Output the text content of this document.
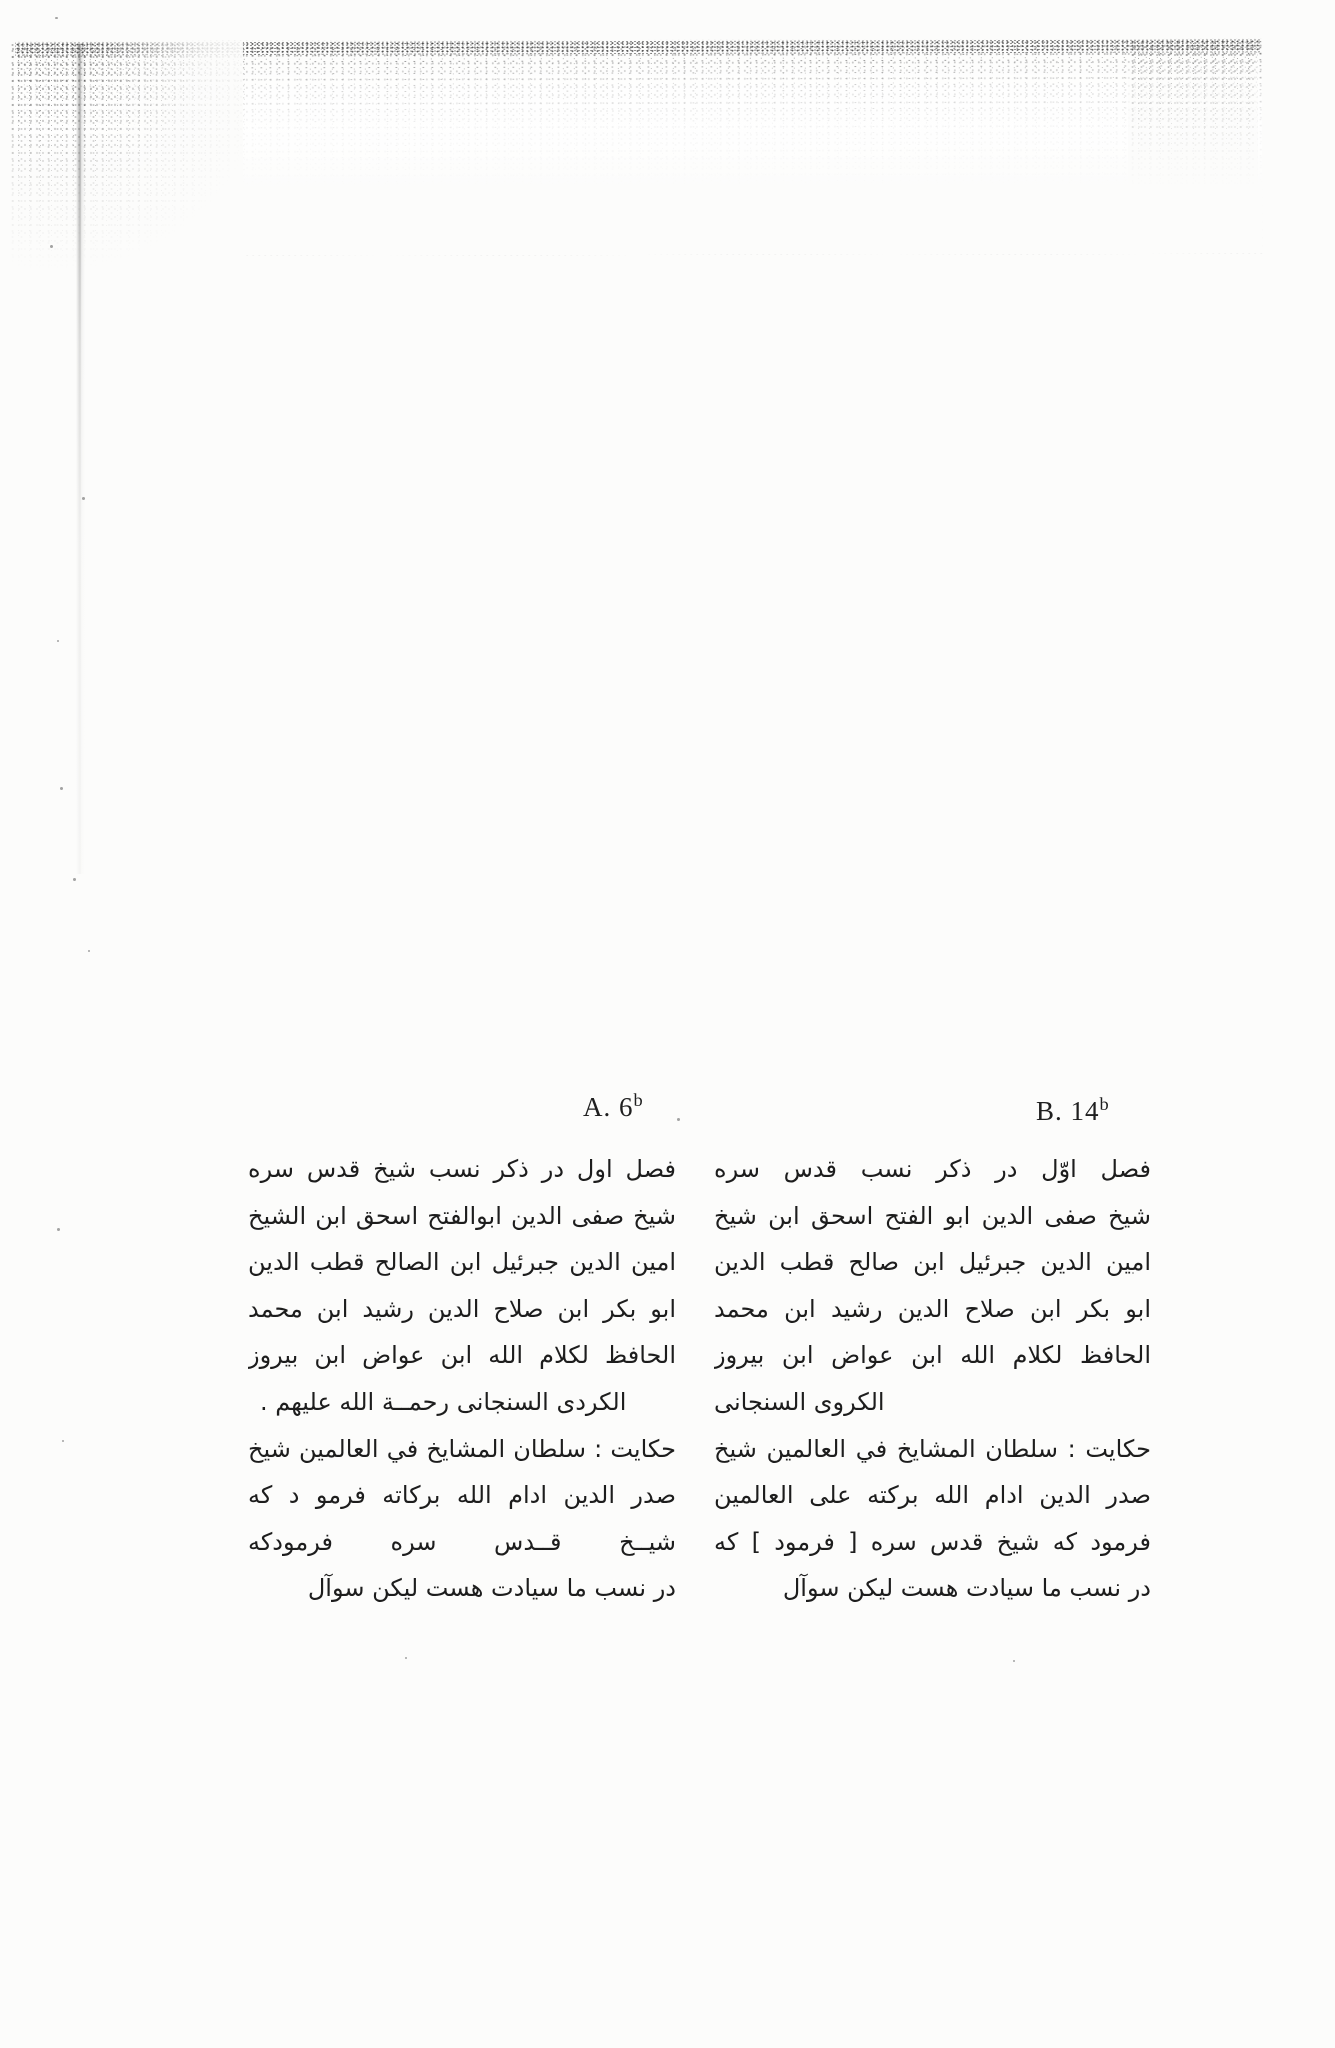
A. 6$^b$	B. 14$^b$
فصل اول در ذكر نسب شيخ قدس سره
شيخ صفى الدين ابوالفتح اسحق ابن الشيخ
امين الدين جبرئيل ابن الصالح قطب الدين
ابو بكر ابن صلاح الدين رشيد ابن محمد
الحافظ لكلام الله ابن عواض ابن بيروز
الكردى السنجانى رحمــة الله عليهم .
حكايت : سلطان المشايخ في العالمين شيخ
صدر الدين ادام الله بركاته فرمو د كه
شيــخ قــدس سره فرمودكه
در نسب ما سيادت هست ليكن سوآل
فصل اوّل در ذكر نسب قدس سره
شيخ صفى الدين ابو الفتح اسحق ابن شيخ
امين الدين جبرئيل ابن صالح قطب الدين
ابو بكر ابن صلاح الدين رشيد ابن محمد
الحافظ لكلام الله ابن عواض ابن بيروز
الكروى السنجانى
حكايت : سلطان المشايخ في العالمين شيخ
صدر الدين ادام الله بركته على العالمين
فرمود كه شيخ قدس سره [ فرمود ] كه
در نسب ما سيادت هست ليكن سوآل
